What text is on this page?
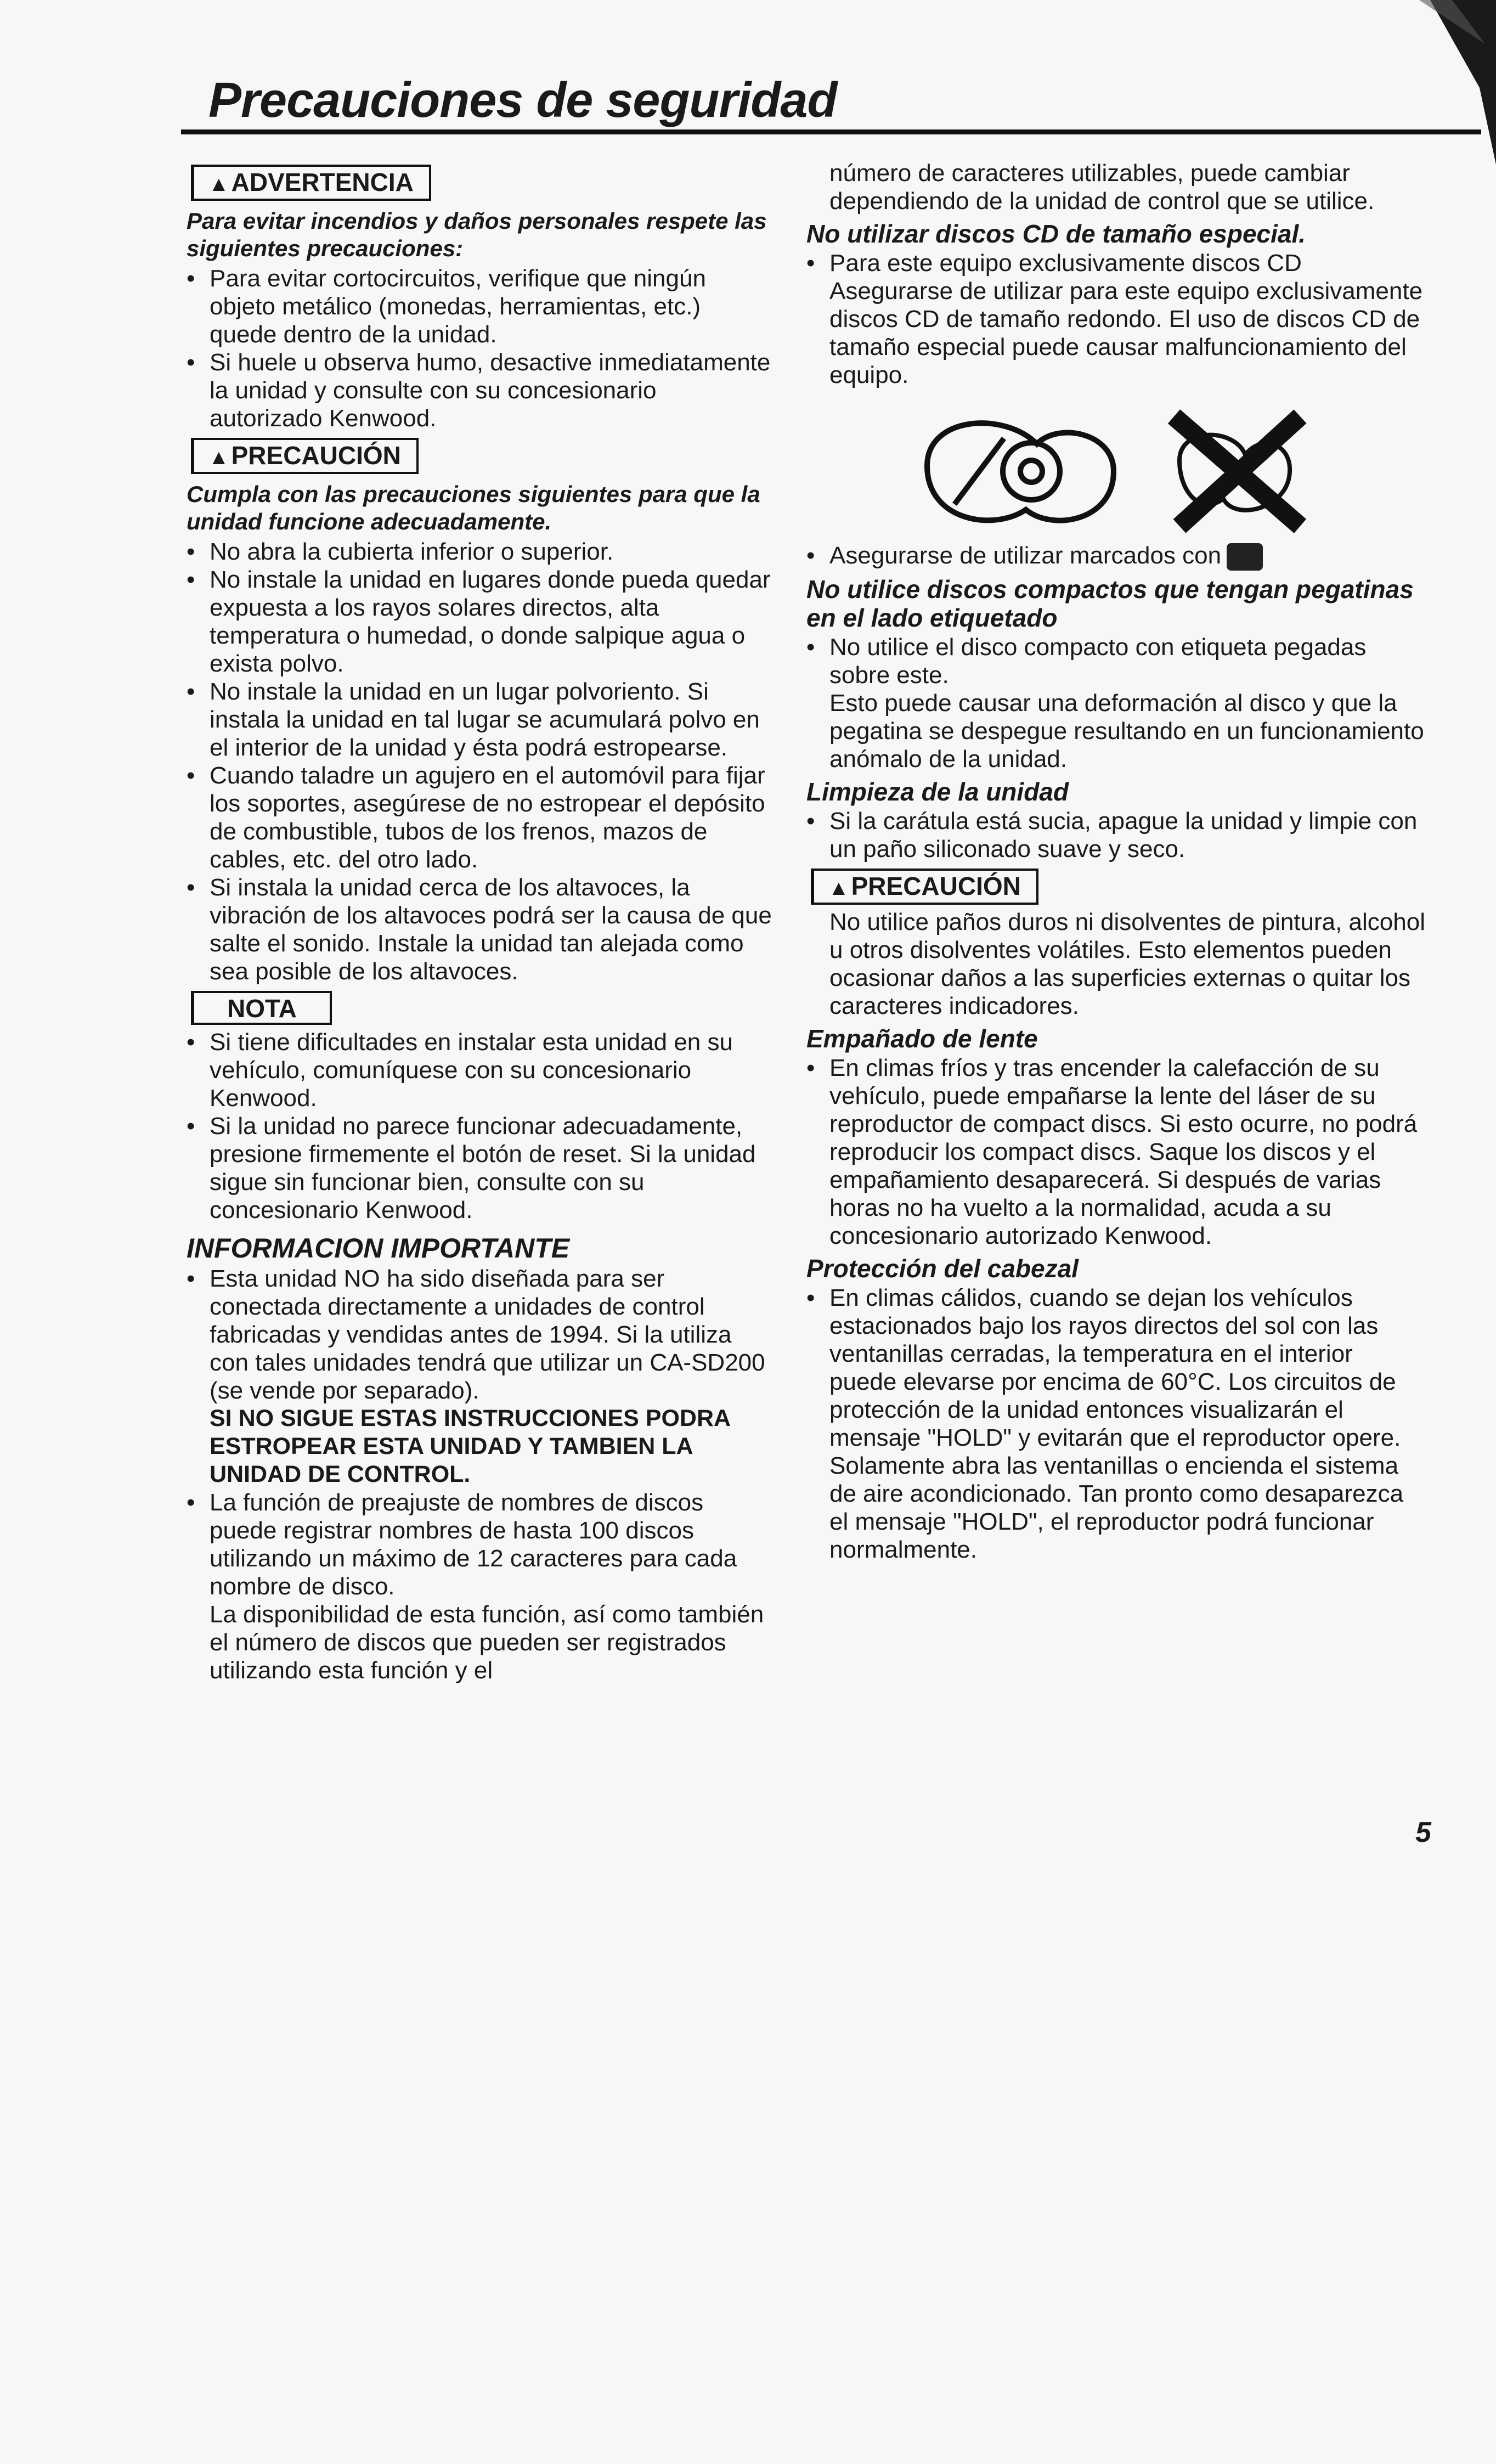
Precauciones de seguridad
▲ADVERTENCIA

Para evitar incendios y daños personales respete las siguientes precauciones:

• Para evitar cortocircuitos, verifique que ningún objeto metálico (monedas, herramientas, etc.) quede dentro de la unidad.

• Si huele u observa humo, desactive inmediatamente la unidad y consulte con su concesionario autorizado Kenwood.

▲PRECAUCIÓN

Cumpla con las precauciones siguientes para que la unidad funcione adecuadamente.

• No abra la cubierta inferior o superior.

• No instale la unidad en lugares donde pueda quedar expuesta a los rayos solares directos, alta temperatura o humedad, o donde salpique agua o exista polvo.

• No instale la unidad en un lugar polvoriento. Si instala la unidad en tal lugar se acumulará polvo en el interior de la unidad y ésta podrá estropearse.

• Cuando taladre un agujero en el automóvil para fijar los soportes, asegúrese de no estropear el depósito de combustible, tubos de los frenos, mazos de cables, etc. del otro lado.

• Si instala la unidad cerca de los altavoces, la vibración de los altavoces podrá ser la causa de que salte el sonido. Instale la unidad tan alejada como sea posible de los altavoces.

NOTA

• Si tiene dificultades en instalar esta unidad en su vehículo, comuníquese con su concesionario Kenwood.

• Si la unidad no parece funcionar adecuadamente, presione firmemente el botón de reset. Si la unidad sigue sin funcionar bien, consulte con su concesionario Kenwood.

INFORMACION IMPORTANTE

• Esta unidad NO ha sido diseñada para ser conectada directamente a unidades de control fabricadas y vendidas antes de 1994. Si la utiliza con tales unidades tendrá que utilizar un CA-SD200 (se vende por separado).

SI NO SIGUE ESTAS INSTRUCCIONES PODRA ESTROPEAR ESTA UNIDAD Y TAMBIEN LA UNIDAD DE CONTROL.

• La función de preajuste de nombres de discos puede registrar nombres de hasta 100 discos utilizando un máximo de 12 caracteres para cada nombre de disco.

La disponibilidad de esta función, así como también el número de discos que pueden ser registrados utilizando esta función y el

número de caracteres utilizables, puede cambiar dependiendo de la unidad de control que se utilice.

No utilizar discos CD de tamaño especial.

• Para este equipo exclusivamente discos CD Asegurarse de utilizar para este equipo exclusivamente discos CD de tamaño redondo. El uso de discos CD de tamaño especial puede causar malfuncionamiento del equipo.

• Asegurarse de utilizar marcados con

No utilice discos compactos que tengan pegatinas en el lado etiquetado

• No utilice el disco compacto con etiqueta pegadas sobre este.

Esto puede causar una deformación al disco y que la pegatina se despegue resultando en un funcionamiento anómalo de la unidad.

Limpieza de la unidad

• Si la carátula está sucia, apague la unidad y limpie con un paño siliconado suave y seco.

▲PRECAUCIÓN

No utilice paños duros ni disolventes de pintura, alcohol u otros disolventes volátiles. Esto elementos pueden ocasionar daños a las superficies externas o quitar los caracteres indicadores.

Empañado de lente

• En climas fríos y tras encender la calefacción de su vehículo, puede empañarse la lente del láser de su reproductor de compact discs. Si esto ocurre, no podrá reproducir los compact discs. Saque los discos y el empañamiento desaparecerá. Si después de varias horas no ha vuelto a la normalidad, acuda a su concesionario autorizado Kenwood.

Protección del cabezal

• En climas cálidos, cuando se dejan los vehículos estacionados bajo los rayos directos del sol con las ventanillas cerradas, la temperatura en el interior puede elevarse por encima de 60°C. Los circuitos de protección de la unidad entonces visualizarán el mensaje "HOLD" y evitarán que el reproductor opere. Solamente abra las ventanillas o encienda el sistema de aire acondicionado. Tan pronto como desaparezca el mensaje "HOLD", el reproductor podrá funcionar normalmente.

5
